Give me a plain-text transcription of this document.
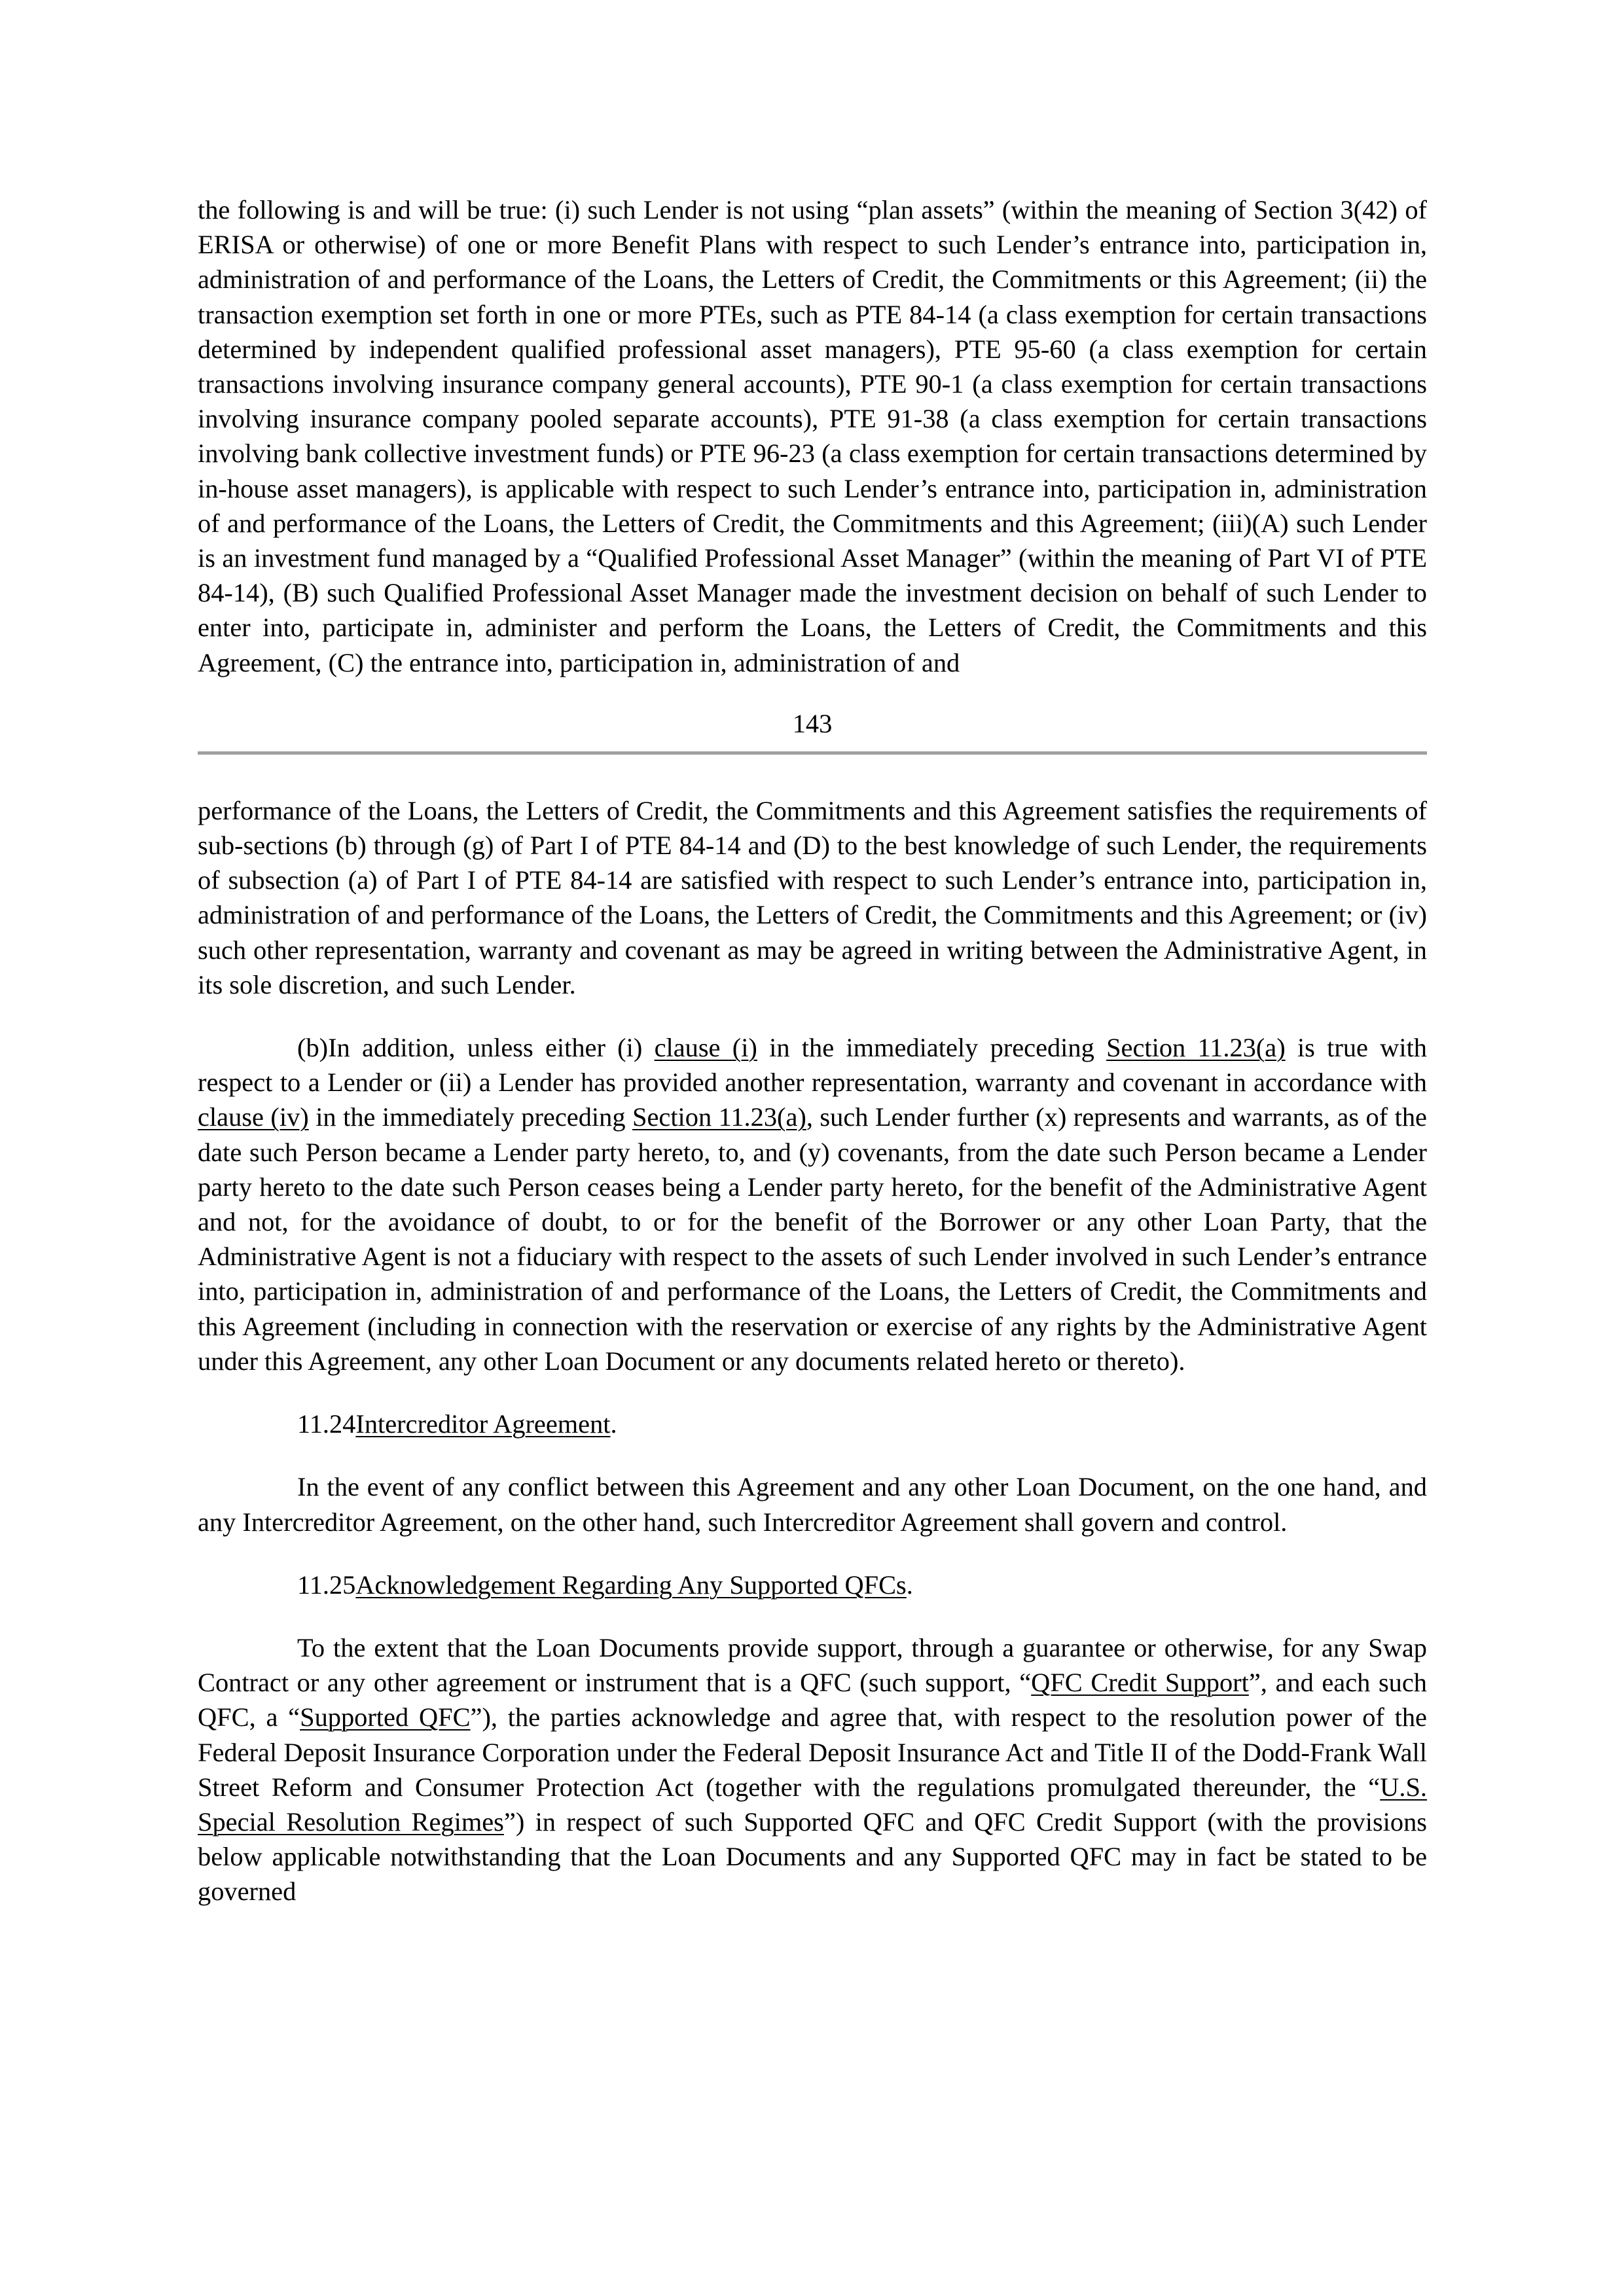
the following is and will be true: (i) such Lender is not using “plan assets” (within the meaning of Section 3(42) of ERISA or otherwise) of one or more Benefit Plans with respect to such Lender’s entrance into, participation in, administration of and performance of the Loans, the Letters of Credit, the Commitments or this Agreement; (ii) the transaction exemption set forth in one or more PTEs, such as PTE 84-14 (a class exemption for certain transactions determined by independent qualified professional asset managers), PTE 95-60 (a class exemption for certain transactions involving insurance company general accounts), PTE 90-1 (a class exemption for certain transactions involving insurance company pooled separate accounts), PTE 91-38 (a class exemption for certain transactions involving bank collective investment funds) or PTE 96-23 (a class exemption for certain transactions determined by in-house asset managers), is applicable with respect to such Lender’s entrance into, participation in, administration of and performance of the Loans, the Letters of Credit, the Commitments and this Agreement; (iii)(A) such Lender is an investment fund managed by a “Qualified Professional Asset Manager” (within the meaning of Part VI of PTE 84-14), (B) such Qualified Professional Asset Manager made the investment decision on behalf of such Lender to enter into, participate in, administer and perform the Loans, the Letters of Credit, the Commitments and this Agreement, (C) the entrance into, participation in, administration of and

143

performance of the Loans, the Letters of Credit, the Commitments and this Agreement satisfies the requirements of sub-sections (b) through (g) of Part I of PTE 84-14 and (D) to the best knowledge of such Lender, the requirements of subsection (a) of Part I of PTE 84-14 are satisfied with respect to such Lender’s entrance into, participation in, administration of and performance of the Loans, the Letters of Credit, the Commitments and this Agreement; or (iv) such other representation, warranty and covenant as may be agreed in writing between the Administrative Agent, in its sole discretion, and such Lender.

(b)In addition, unless either (i) clause (i) in the immediately preceding Section 11.23(a) is true with respect to a Lender or (ii) a Lender has provided another representation, warranty and covenant in accordance with clause (iv) in the immediately preceding Section 11.23(a), such Lender further (x) represents and warrants, as of the date such Person became a Lender party hereto, to, and (y) covenants, from the date such Person became a Lender party hereto to the date such Person ceases being a Lender party hereto, for the benefit of the Administrative Agent and not, for the avoidance of doubt, to or for the benefit of the Borrower or any other Loan Party, that the Administrative Agent is not a fiduciary with respect to the assets of such Lender involved in such Lender’s entrance into, participation in, administration of and performance of the Loans, the Letters of Credit, the Commitments and this Agreement (including in connection with the reservation or exercise of any rights by the Administrative Agent under this Agreement, any other Loan Document or any documents related hereto or thereto).

11.24Intercreditor Agreement.

In the event of any conflict between this Agreement and any other Loan Document, on the one hand, and any Intercreditor Agreement, on the other hand, such Intercreditor Agreement shall govern and control.

11.25Acknowledgement Regarding Any Supported QFCs.

To the extent that the Loan Documents provide support, through a guarantee or otherwise, for any Swap Contract or any other agreement or instrument that is a QFC (such support, “QFC Credit Support”, and each such QFC, a “Supported QFC”), the parties acknowledge and agree that, with respect to the resolution power of the Federal Deposit Insurance Corporation under the Federal Deposit Insurance Act and Title II of the Dodd-Frank Wall Street Reform and Consumer Protection Act (together with the regulations promulgated thereunder, the “U.S. Special Resolution Regimes”) in respect of such Supported QFC and QFC Credit Support (with the provisions below applicable notwithstanding that the Loan Documents and any Supported QFC may in fact be stated to be governed
